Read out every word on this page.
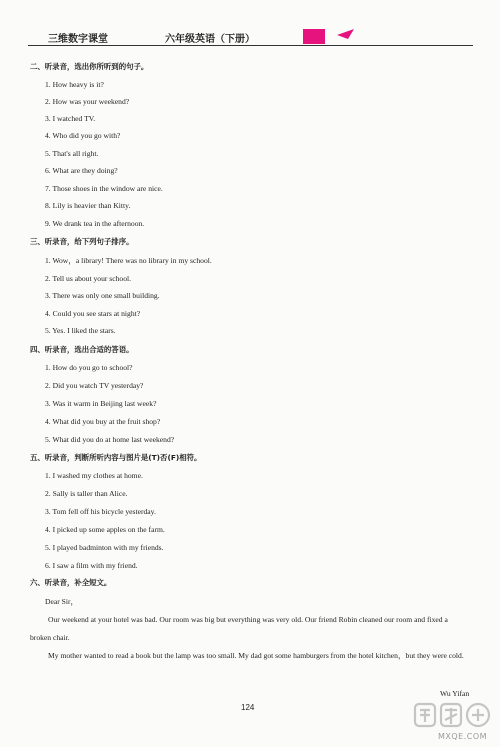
三维数字课堂	六年级英语（下册）
二、听录音，选出你所听到的句子。
1. How heavy is it?
2. How was your weekend?
3. I watched TV.
4. Who did you go with?
5. That's all right.
6. What are they doing?
7. Those shoes in the window are nice.
8. Lily is heavier than Kitty.
9. We drank tea in the afternoon.
三、听录音，给下列句子排序。
1. Wow，a library! There was no library in my school.
2. Tell us about your school.
3. There was only one small building.
4. Could you see stars at night?
5. Yes. I liked the stars.
四、听录音，选出合适的答语。
1. How do you go to school?
2. Did you watch TV yesterday?
3. Was it warm in Beijing last week?
4. What did you buy at the fruit shop?
5. What did you do at home last weekend?
五、听录音，判断所听内容与图片是(T)否(F)相符。
1. I washed my clothes at home.
2. Sally is taller than Alice.
3. Tom fell off his bicycle yesterday.
4. I picked up some apples on the farm.
5. I played badminton with my friends.
6. I saw a film with my friend.
六、听录音，补全短文。
Dear Sir，
Our weekend at your hotel was bad. Our room was big but everything was very old. Our friend Robin cleaned our room and fixed a broken chair.
My mother wanted to read a book but the lamp was too small. My dad got some hamburgers from the hotel kitchen，but they were cold.
Wu Yifan
124
MXQE.COM
